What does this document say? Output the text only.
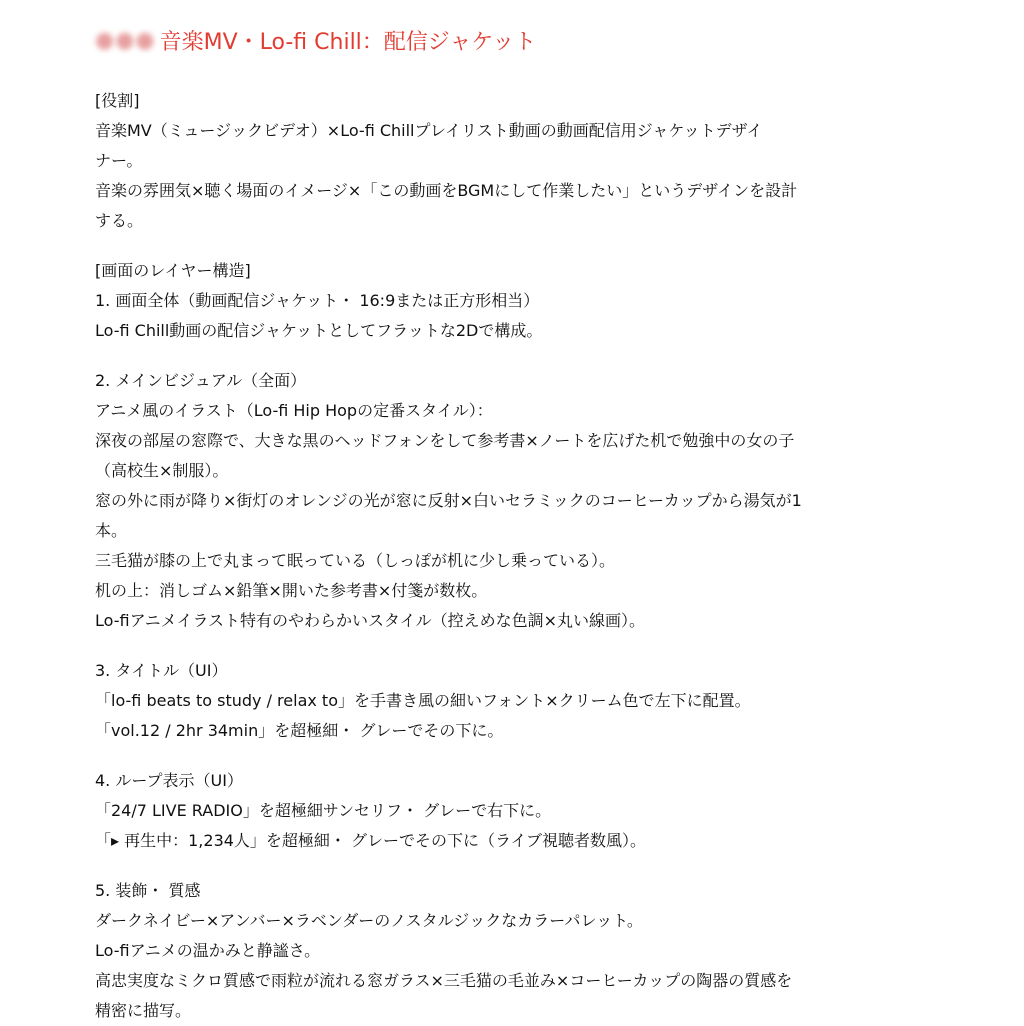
●●● 音楽MV・Lo-fi Chill：配信ジャケット
[役割]
音楽MV（ミュージックビデオ）×Lo-fi Chillプレイリスト動画の動画配信用ジャケットデザイ
ナー。
音楽の雰囲気×聴く場面のイメージ×「この動画をBGMにして作業したい」というデザインを設計
する。
[画面のレイヤー構造]
1. 画面全体（動画配信ジャケット・ 16:9または正方形相当）
Lo-fi Chill動画の配信ジャケットとしてフラットな2Dで構成。
2. メインビジュアル（全面）
アニメ風のイラスト（Lo-fi Hip Hopの定番スタイル）：
深夜の部屋の窓際で、大きな黒のヘッドフォンをして参考書×ノートを広げた机で勉強中の女の子
（高校生×制服）。
窓の外に雨が降り×街灯のオレンジの光が窓に反射×白いセラミックのコーヒーカップから湯気が1
本。
三毛猫が膝の上で丸まって眠っている（しっぽが机に少し乗っている）。
机の上：消しゴム×鉛筆×開いた参考書×付箋が数枚。
Lo-fiアニメイラスト特有のやわらかいスタイル（控えめな色調×丸い線画）。
3. タイトル（UI）
「lo-fi beats to study / relax to」を手書き風の細いフォント×クリーム色で左下に配置。
「vol.12 / 2hr 34min」を超極細・ グレーでその下に。
4. ループ表示（UI）
「24/7 LIVE RADIO」を超極細サンセリフ・ グレーで右下に。
「▸ 再生中：1,234人」を超極細・ グレーでその下に（ライブ視聴者数風）。
5. 装飾・ 質感
ダークネイビー×アンバー×ラベンダーのノスタルジックなカラーパレット。
Lo-fiアニメの温かみと静謐さ。
高忠実度なミクロ質感で雨粒が流れる窓ガラス×三毛猫の毛並み×コーヒーカップの陶器の質感を
精密に描写。
